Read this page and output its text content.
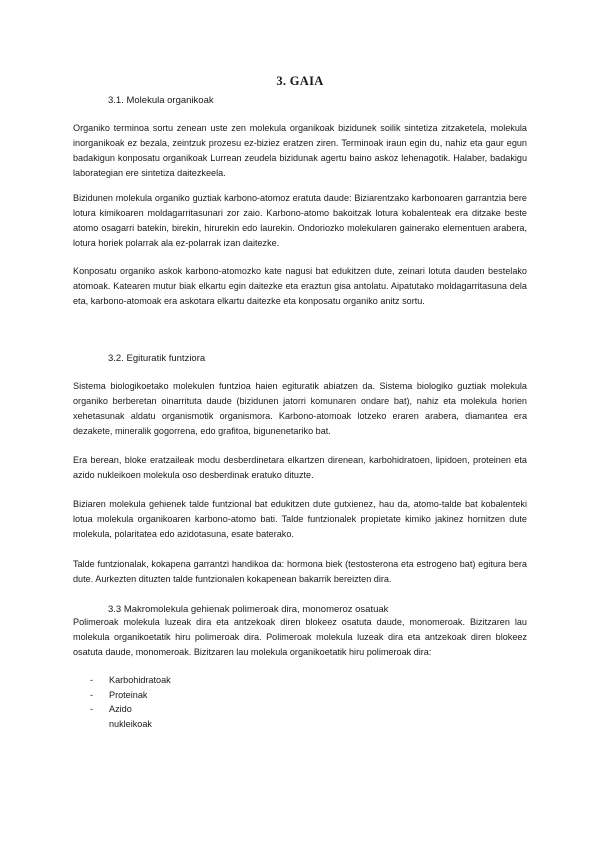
3. GAIA
3.1. Molekula organikoak
Organiko terminoa sortu zenean uste zen molekula organikoak bizidunek soilik sintetiza zitzaketela, molekula inorganikoak ez bezala, zeintzuk prozesu ez-biziez eratzen ziren. Terminoak iraun egin du, nahiz eta gaur egun badakigun konposatu organikoak Lurrean zeudela bizidunak agertu baino askoz lehenagotik. Halaber, badakigu laborategian ere sintetiza daitezkeela.
Bizidunen molekula organiko guztiak karbono-atomoz eratuta daude: Biziarentzako karbonoaren garrantzia bere lotura kimikoaren moldagarritasunari zor zaio. Karbono-atomo bakoitzak lotura kobalenteak era ditzake beste atomo osagarri batekin, birekin, hirurekin edo laurekin. Ondoriozko molekularen gainerako elementuen arabera, lotura horiek polarrak ala ez-polarrak izan daitezke.
Konposatu organiko askok karbono-atomozko kate nagusi bat edukitzen dute, zeinari lotuta dauden bestelako atomoak. Katearen mutur biak elkartu egin daitezke eta eraztun gisa antolatu. Aipatutako moldagarritasuna dela eta, karbono-atomoak era askotara elkartu daitezke eta konposatu organiko anitz sortu.
3.2. Egituratik funtziora
Sistema biologikoetako molekulen funtzioa haien egituratik abiatzen da. Sistema biologiko guztiak molekula organiko berberetan oinarrituta daude (bizidunen jatorri komunaren ondare bat), nahiz eta molekula horien xehetasunak aldatu organismotik organismora. Karbono-atomoak lotzeko eraren arabera, diamantea era dezakete, mineralik gogorrena, edo grafitoa, bigunenetariko bat.
Era berean, bloke eratzaileak modu desberdinetara elkartzen direnean, karbohidratoen, lipidoen, proteinen eta azido nukleikoen molekula oso desberdinak eratuko dituzte.
Biziaren molekula gehienek talde funtzional bat edukitzen dute gutxienez, hau da, atomo-talde bat kobalenteki lotua molekula organikoaren karbono-atomo bati. Talde funtzionalek propietate kimiko jakinez hornitzen dute molekula, polaritatea edo azidotasuna, esate baterako.
Talde funtzionalak, kokapena garrantzi handikoa da: hormona biek (testosterona eta estrogeno bat) egitura bera dute. Aurkezten dituzten talde funtzionalen kokapenean bakarrik bereizten dira.
3.3 Makromolekula gehienak polimeroak dira, monomeroz osatuak
Polimeroak molekula luzeak dira eta antzekoak diren blokeez osatuta daude, monomeroak. Bizitzaren lau molekula organikoetatik hiru polimeroak dira. Polimeroak molekula luzeak dira eta antzekoak diren blokeez osatuta daude, monomeroak. Bizitzaren lau molekula organikoetatik hiru polimeroak dira:
- Karbohidratoak
- Proteinak
- Azido nukleikoak
